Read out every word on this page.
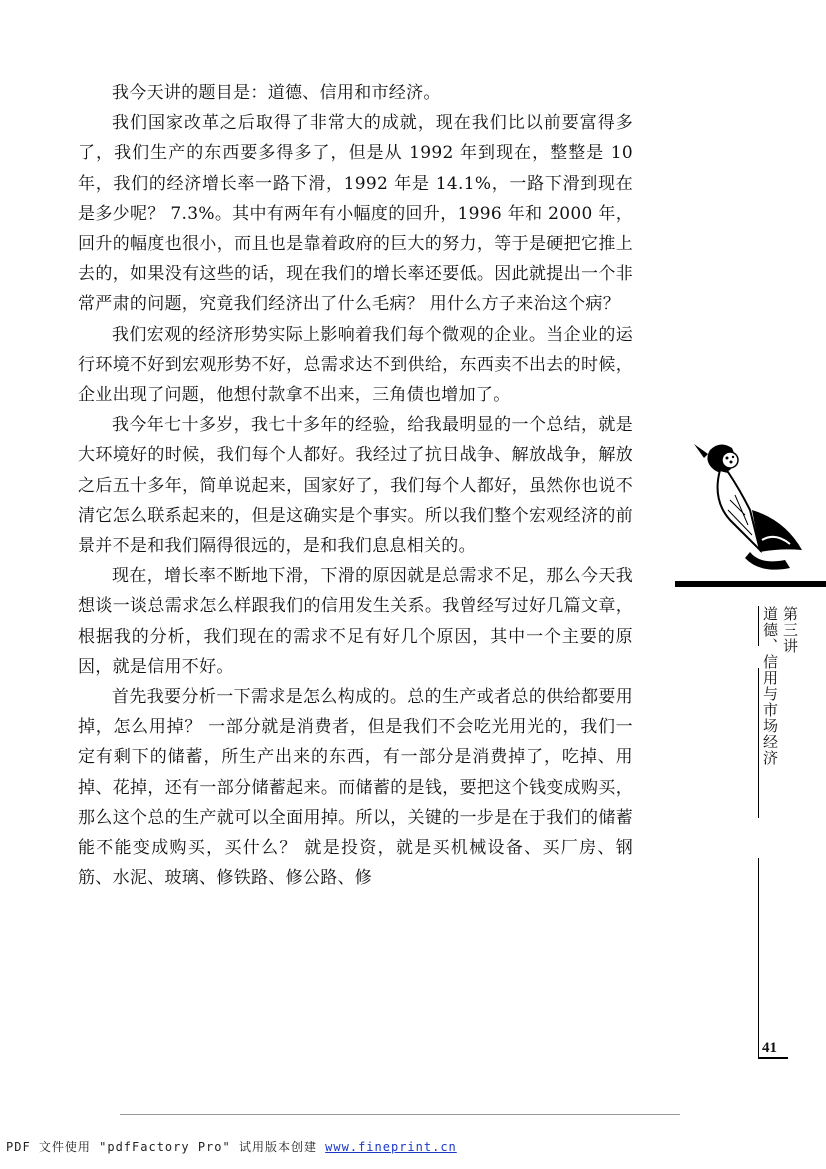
我今天讲的题目是：道德、信用和市经济。

我们国家改革之后取得了非常大的成就，现在我们比以前要富得多了，我们生产的东西要多得多了，但是从 1992 年到现在，整整是 10 年，我们的经济增长率一路下滑，1992 年是 14.1%，一路下滑到现在是多少呢？ 7.3%。其中有两年有小幅度的回升，1996 年和 2000 年，回升的幅度也很小，而且也是靠着政府的巨大的努力，等于是硬把它推上去的，如果没有这些的话，现在我们的增长率还要低。因此就提出一个非常严肃的问题，究竟我们经济出了什么毛病？ 用什么方子来治这个病？

我们宏观的经济形势实际上影响着我们每个微观的企业。当企业的运行环境不好到宏观形势不好，总需求达不到供给，东西卖不出去的时候，企业出现了问题，他想付款拿不出来，三角债也增加了。

我今年七十多岁，我七十多年的经验，给我最明显的一个总结，就是大环境好的时候，我们每个人都好。我经过了抗日战争、解放战争，解放之后五十多年，简单说起来，国家好了，我们每个人都好，虽然你也说不清它怎么联系起来的，但是这确实是个事实。所以我们整个宏观经济的前景并不是和我们隔得很远的，是和我们息息相关的。

现在，增长率不断地下滑，下滑的原因就是总需求不足，那么今天我想谈一谈总需求怎么样跟我们的信用发生关系。我曾经写过好几篇文章，根据我的分析，我们现在的需求不足有好几个原因，其中一个主要的原因，就是信用不好。

首先我要分析一下需求是怎么构成的。总的生产或者总的供给都要用掉，怎么用掉？ 一部分就是消费者，但是我们不会吃光用光的，我们一定有剩下的储蓄，所生产出来的东西，有一部分是消费掉了，吃掉、用掉、花掉，还有一部分储蓄起来。而储蓄的是钱，要把这个钱变成购买，那么这个总的生产就可以全面用掉。所以，关键的一步是在于我们的储蓄能不能变成购买，买什么？ 就是投资，就是买机械设备、买厂房、钢筋、水泥、玻璃、修铁路、修公路、修

第三讲
道德、信用与市场经济
41
PDF 文件使用 "pdfFactory Pro" 试用版本创建 www.fineprint.cn
